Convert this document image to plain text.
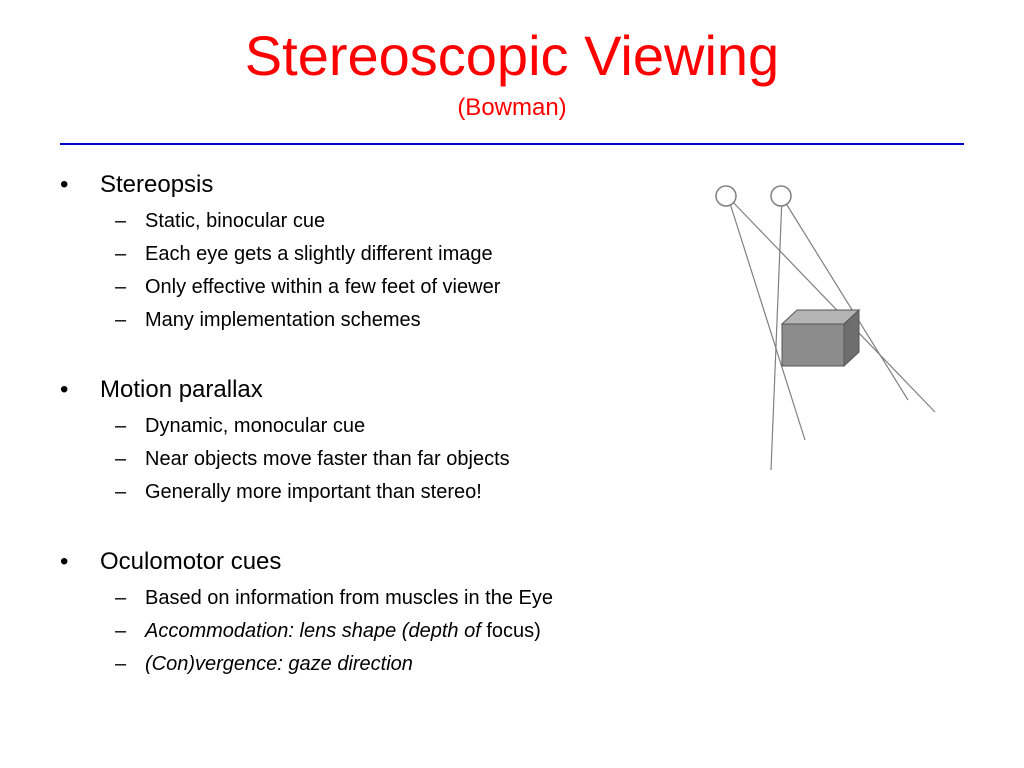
Stereoscopic Viewing
(Bowman)
• Stereopsis
– Static, binocular cue
– Each eye gets a slightly different image
– Only effective within a few feet of viewer
– Many implementation schemes
• Motion parallax
– Dynamic, monocular cue
– Near objects move faster than far objects
– Generally more important than stereo!
• Oculomotor cues
– Based on information from muscles in the Eye
– Accommodation: lens shape (depth of focus)
– (Con)vergence: gaze direction
